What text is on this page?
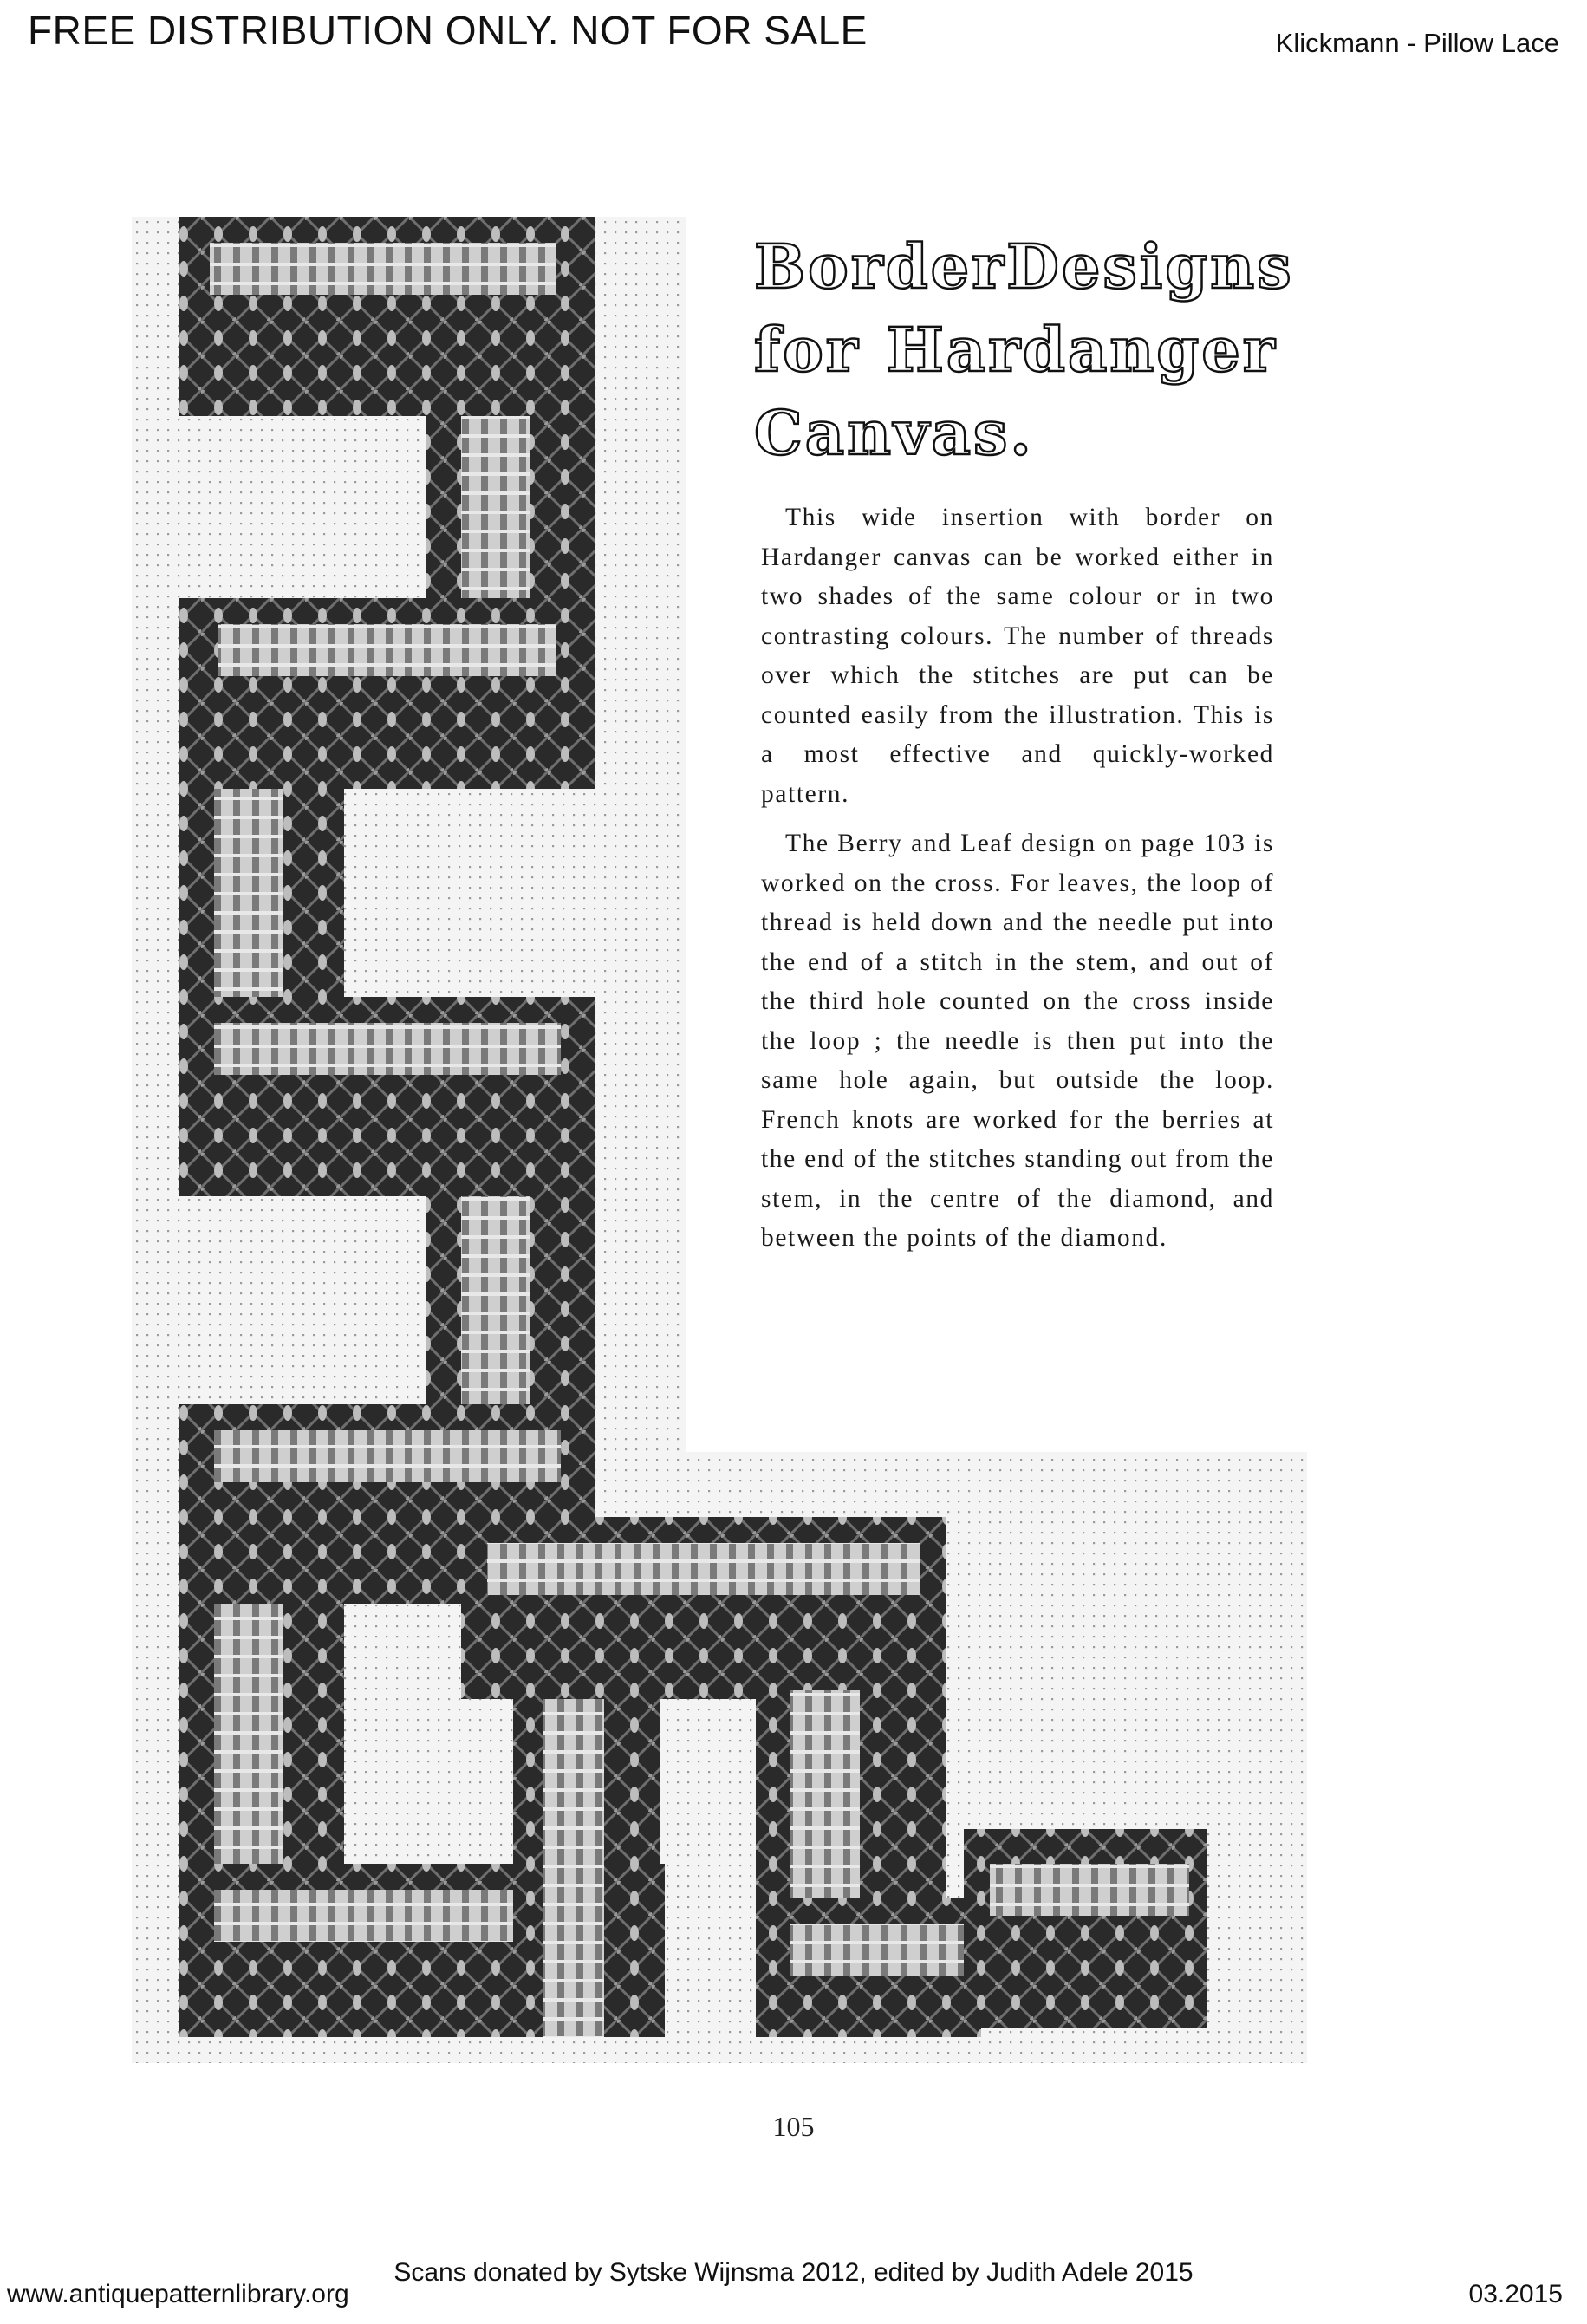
FREE DISTRIBUTION ONLY. NOT FOR SALE	Klickmann - Pillow Lace
Border Designs
for Hardanger
Canvas.

This wide insertion with border on Hardanger canvas can be worked either in two shades of the same colour or in two contrasting colours. The number of threads over which the stitches are put can be counted easily from the illustration. This is a most effective and quickly-worked pattern.

The Berry and Leaf design on page 103 is worked on the cross. For leaves, the loop of thread is held down and the needle put into the end of a stitch in the stem, and out of the third hole counted on the cross inside the loop ; the needle is then put into the same hole again, but outside the loop. French knots are worked for the berries at the end of the stitches standing out from the stem, in the centre of the diamond, and between the points of the diamond.

105
Scans donated by Sytske Wijnsma 2012, edited by Judith Adele 2015
www.antiquepatternlibrary.org	03.2015
